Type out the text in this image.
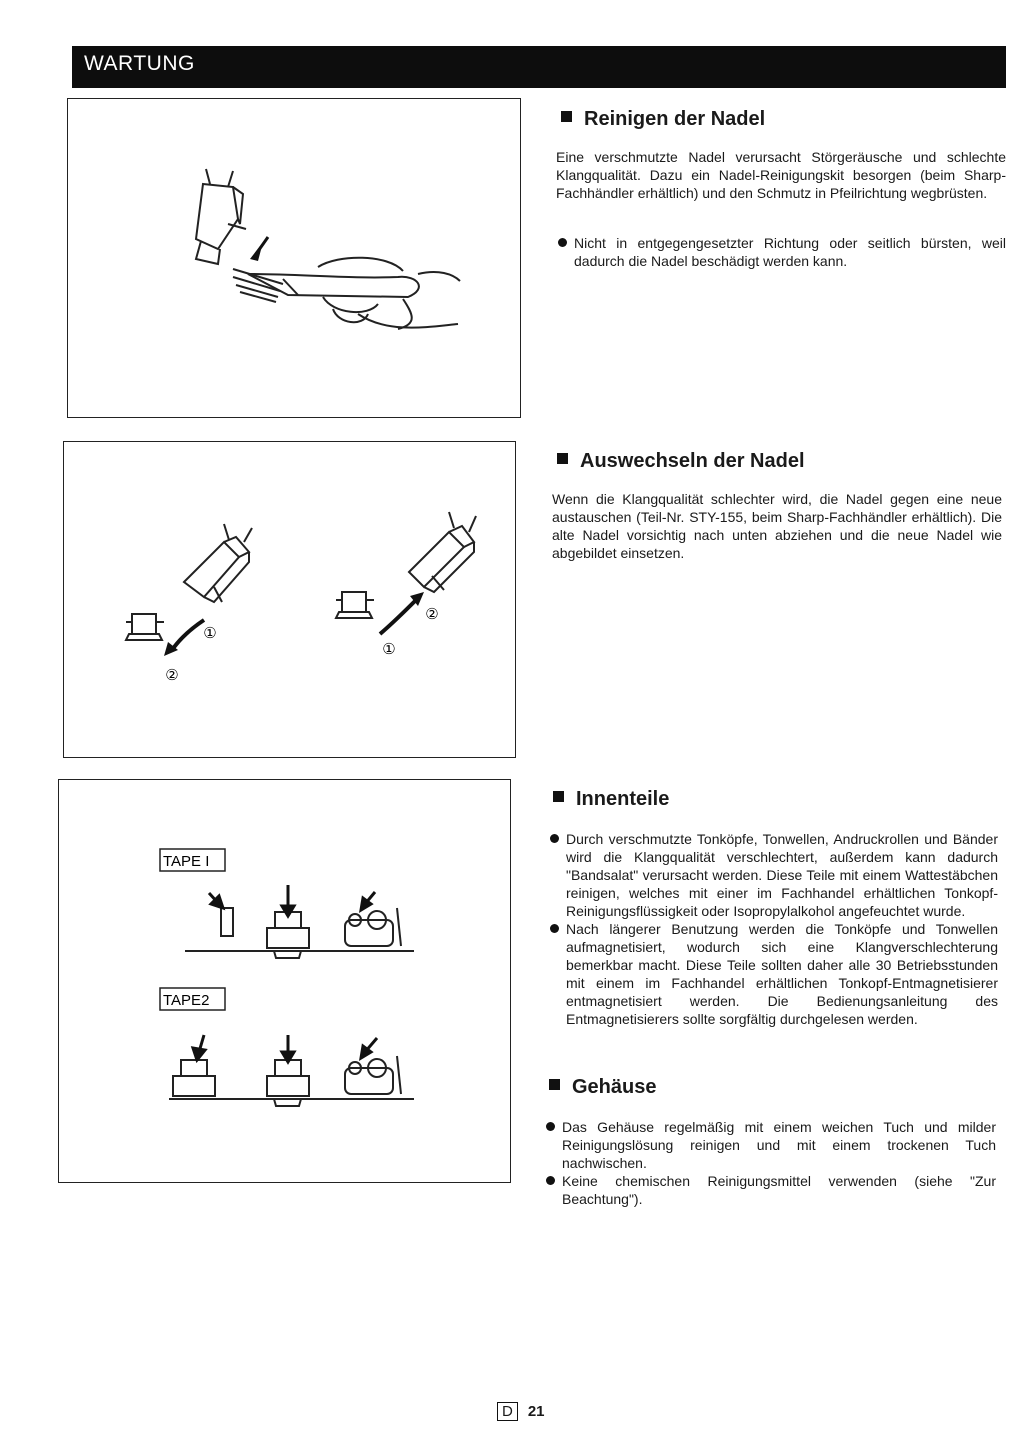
WARTUNG
Reinigen der Nadel

Eine verschmutzte Nadel verursacht Störgeräusche und schlechte Klangqualität. Dazu ein Nadel-Reinigungskit besorgen (beim Sharp-Fachhändler erhältlich) und den Schmutz in Pfeilrichtung wegbrüsten.

Nicht in entgegengesetzter Richtung oder seitlich bürsten, weil dadurch die Nadel beschädigt werden kann.
①
②
②
①
Auswechseln der Nadel

Wenn die Klangqualität schlechter wird, die Nadel gegen eine neue austauschen (Teil-Nr. STY-155, beim Sharp-Fachhändler erhältlich). Die alte Nadel vorsichtig nach unten abziehen und die neue Nadel wie abgebildet einsetzen.

TAPE I
TAPE2
Innenteile
Durch verschmutzte Tonköpfe, Tonwellen, Andruckrollen und Bänder wird die Klangqualität verschlechtert, außerdem kann dadurch "Bandsalat" verursacht werden. Diese Teile mit einem Wattestäbchen reinigen, welches mit einer im Fachhandel erhältlichen Tonkopf-Reinigungsflüssigkeit oder Isopropylalkohol angefeuchtet wurde.
Nach längerer Benutzung werden die Tonköpfe und Tonwellen aufmagnetisiert, wodurch sich eine Klangverschlechterung bemerkbar macht. Diese Teile sollten daher alle 30 Betriebsstunden mit einem im Fachhandel erhältlichen Tonkopf-Entmagnetisierer entmagnetisiert werden. Die Bedienungsanleitung des Entmagnetisierers sollte sorgfältig durchgelesen werden.
Gehäuse
Das Gehäuse regelmäßig mit einem weichen Tuch und milder Reinigungslösung reinigen und mit einem trockenen Tuch nachwischen.
Keine chemischen Reinigungsmittel verwenden (siehe "Zur Beachtung").
D 21
